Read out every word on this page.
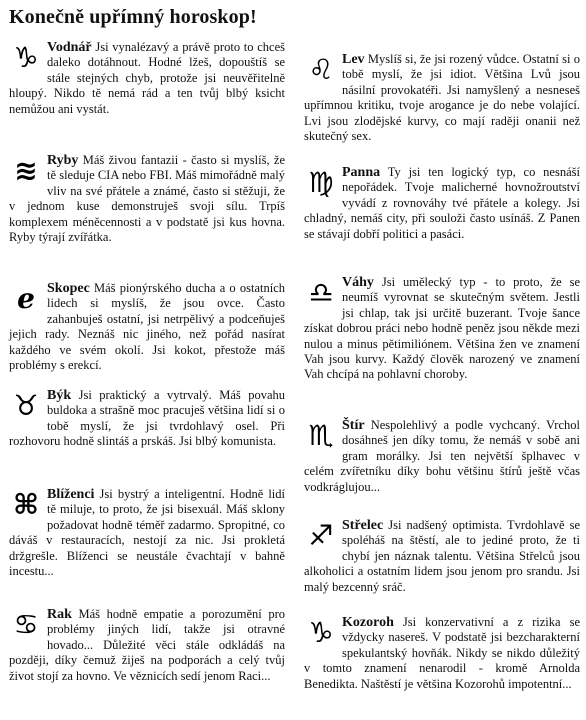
Konečně upřímný horoskop!
♑ Vodnář Jsi vynalézavý a právě proto to chceš daleko dotáhnout. Hodné lžeš, dopouštíš se stále stejných chyb, protože jsi neuvěřitelně hloupý. Nikdo tě nemá rád a ten tvůj blbý ksicht nemůžou ani vystát.
≋ Ryby Máš živou fantazii - často si myslíš, že tě sleduje CIA nebo FBI. Máš mimořádně malý vliv na své přátele a známé, často si stěžuji, že v jednom kuse demonstruješ svoji sílu. Trpíš komplexem méněcennosti a v podstatě jsi kus hovna. Ryby týrají zvířátka.
ℯ Skopec Máš pionýrského ducha a o ostatních lidech si myslíš, že jsou ovce. Často zahanbuješ ostatní, jsi netrpělivý a podceňuješ jejich rady. Neznáš nic jiného, než pořád nasírat každého ve svém okolí. Jsi kokot, přestože máš problémy s erekcí.
♉ Býk Jsi praktický a vytrvalý. Máš povahu buldoka a strašně moc pracuješ většina lidí si o tobě myslí, že jsi tvrdohlavý osel. Při rozhovoru hodně slintáš a prskáš. Jsi blbý komunista.
⌘ Blíženci Jsi bystrý a inteligentní. Hodně lidí tě miluje, to proto, že jsi bisexuál. Máš sklony požadovat hodně téměř zadarmo. Spropitné, co dáváš v restauracích, nestojí za nic. Jsi prokletá držgrešle. Blíženci se neustále čvachtají v bahně incestu...
♋ Rak Máš hodně empatie a porozumění pro problémy jiných lidí, takže jsi otravné hovado... Důležité věci stále odkládáš na později, díky čemuž žiješ na podporách a celý tvůj život stojí za hovno. Ve věznicích sedí jenom Raci...
♌ Lev Myslíš si, že jsi rozený vůdce. Ostatní si o tobě myslí, že jsi idiot. Většina Lvů jsou násilní provokatéři. Jsi namyšlený a nesneseš upřímnou kritiku, tvoje arogance je do nebe volající. Lvi jsou zlodějské kurvy, co mají raději onanii než skutečný sex.
♍ Panna Ty jsi ten logický typ, co nesnáší nepořádek. Tvoje malicherné hovnožroutství vyvádí z rovnováhy tvé přátele a kolegy. Jsi chladný, nemáš city, při souloži často usínáš. Z Panen se stávají dobří politici a pasáci.
♎ Váhy Jsi umělecký typ - to proto, že se neumíš vyrovnat se skutečným světem. Jestli jsi chlap, tak jsi určitě buzerant. Tvoje šance získat dobrou práci nebo hodně peněz jsou někde mezi nulou a minus pětimiliónem. Většina žen ve znamení Vah jsou kurvy. Každý člověk narozený ve znamení Vah chcípá na pohlavní choroby.
♏ Štír Nespolehlivý a podle vychcaný. Vrchol dosáhneš jen díky tomu, že nemáš v sobě ani gram morálky. Jsi ten největší šplhavec v celém zvířetníku díky bohu většinu štírů ještě včas vodkráglujou...
♐ Střelec Jsi nadšený optimista. Tvrdohlavě se spoléháš na štěstí, ale to jediné proto, že ti chybí jen náznak talentu. Většina Střelců jsou alkoholici a ostatním lidem jsou jenom pro srandu. Jsi malý bezcenný sráč.
♑ Kozoroh Jsi konzervativní a z rizika se vždycky nasereš. V podstatě jsi bezcharakterní spekulantský hovňák. Nikdy se nikdo důležitý v tomto znamení nenarodil - kromě Arnolda Benedikta. Naštěstí je většina Kozorohů impotentní...
